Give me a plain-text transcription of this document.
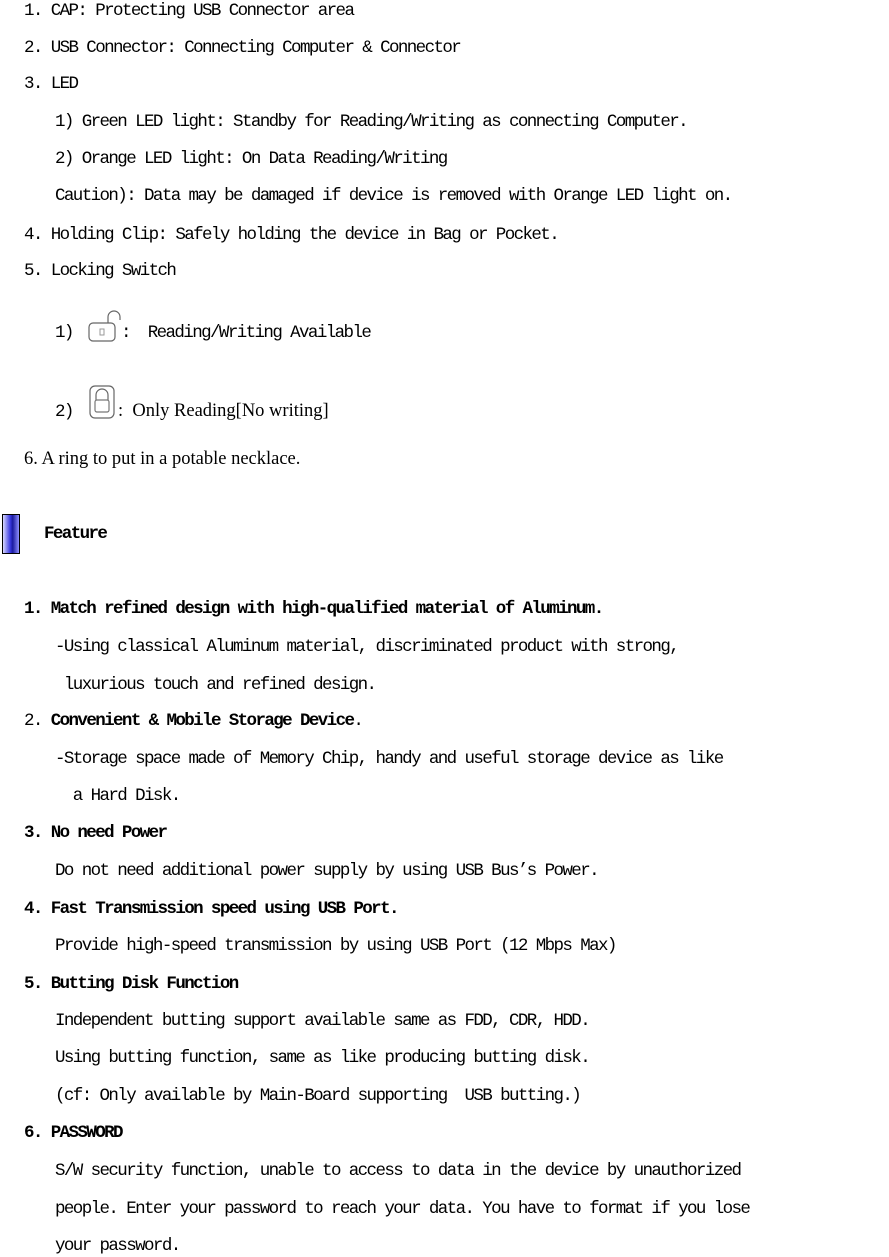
1. CAP: Protecting USB Connector area
2. USB Connector: Connecting Computer & Connector
3. LED
1) Green LED light: Standby for Reading/Writing as connecting Computer.
2) Orange LED light: On Data Reading/Writing
Caution): Data may be damaged if device is removed with Orange LED light on.
4. Holding Clip: Safely holding the device in Bag or Pocket.
5. Locking Switch
1)	:  Reading/Writing Available
2) :  Only Reading[No writing]
6. A ring to put in a potable necklace.
Feature
1. Match refined design with high-qualified material of Aluminum.
-Using classical Aluminum material, discriminated product with strong,
luxurious touch and refined design.
2. Convenient & Mobile Storage Device.
-Storage space made of Memory Chip, handy and useful storage device as like
a Hard Disk.
3. No need Power
Do not need additional power supply by using USB Bus’s Power.
4. Fast Transmission speed using USB Port.
Provide high-speed transmission by using USB Port (12 Mbps Max)
5. Butting Disk Function
Independent butting support available same as FDD, CDR, HDD.
Using butting function, same as like producing butting disk.
(cf: Only available by Main-Board supporting  USB butting.)
6. PASSWORD
S/W security function, unable to access to data in the device by unauthorized
people. Enter your password to reach your data. You have to format if you lose
your password.
